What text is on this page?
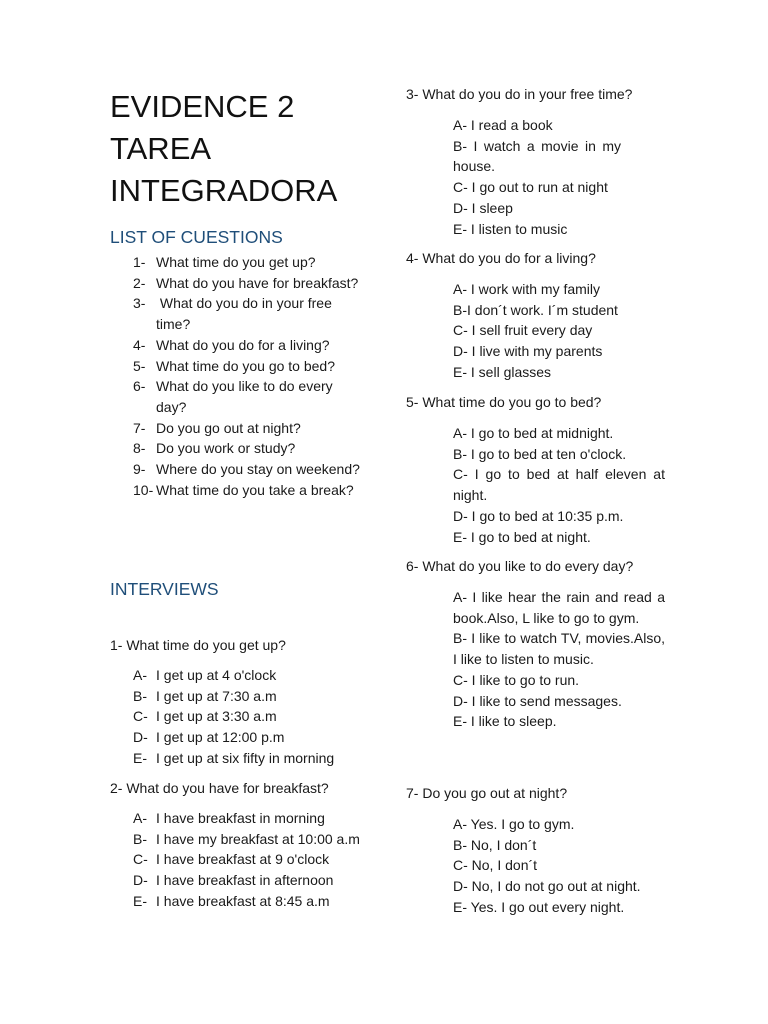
EVIDENCE 2
TAREA
INTEGRADORA
LIST OF CUESTIONS
1- What time do you get up?
2- What do you have for breakfast?
3- What do you do in your free time?
4- What do you do for a living?
5- What time do you go to bed?
6- What do you like to do every day?
7- Do you go out at night?
8- Do you work or study?
9- Where do you stay on weekend?
10- What time do you take a break?
INTERVIEWS

1- What time do you get up?

A- I get up at 4 o'clock
B- I get up at 7:30 a.m
C- I get up at 3:30 a.m
D- I get up at 12:00 p.m
E- I get up at six fifty in morning

2- What do you have for breakfast?

A- I have breakfast in morning
B- I have my breakfast at 10:00 a.m
C- I have breakfast at 9 o'clock
D- I have breakfast in afternoon
E- I have breakfast at 8:45 a.m

3- What do you do in your free time?

A- I read a book
B- I watch a movie in my house.
C- I go out to run at night
D- I sleep
E- I listen to music

4- What do you do for a living?

A- I work with my family
B-I don´t work. I´m student
C- I sell fruit every day
D- I live with my parents
E- I sell glasses

5- What time do you go to bed?

A- I go to bed at midnight.
B- I go to bed at ten o'clock.
C- I go to bed at half eleven at night.
D- I go to bed at 10:35 p.m.
E- I go to bed at night.

6- What do you like to do every day?

A- I like hear the rain and read a book.Also, L like to go to gym.
B- I like to watch TV, movies.Also, I like to listen to music.
C- I like to go to run.
D- I like to send messages.
E- I like to sleep.

7- Do you go out at night?

A- Yes. I go to gym.
B- No, I don´t
C- No, I don´t
D- No, I do not go out at night.
E- Yes. I go out every night.
